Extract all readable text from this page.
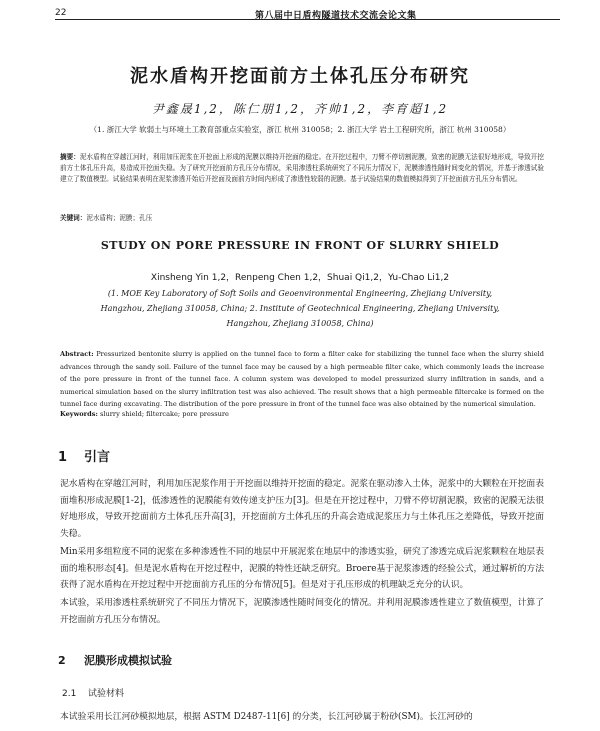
22	第八届中日盾构隧道技术交流会论文集
泥水盾构开挖面前方土体孔压分布研究
尹鑫晟1,2，陈仁朋1,2，齐帅1,2，李育超1,2
（1. 浙江大学 软弱土与环境土工教育部重点实验室，浙江 杭州 310058；2. 浙江大学 岩土工程研究所，浙江 杭州 310058）
摘要：泥水盾构在穿越江河时，利用加压泥浆在开挖面上形成的泥膜以维持开挖面的稳定。在开挖过程中，刀臂不停切割泥膜，致密的泥膜无法很好地形成，导致开挖前方土体孔压升高，易造成开挖面失稳。为了研究开挖面前方孔压分布情况，采用渗透柱系统研究了不同压力情况下，泥膜渗透性随时间变化的情况，并基于渗透试验建立了数值模型。试验结果表明在泥浆渗透开始后开挖面及面前方时间内形成了渗透性较弱的泥膜。基于试验结果的数值模拟得到了开挖面前方孔压分布情况。
关键词：泥水盾构；泥膜；孔压
STUDY ON PORE PRESSURE IN FRONT OF SLURRY SHIELD
Xinsheng Yin 1,2，Renpeng Chen 1,2，Shuai Qi1,2，Yu-Chao Li1,2
(1. MOE Key Laboratory of Soft Soils and Geoenvironmental Engineering, Zhejiang University, Hangzhou, Zhejiang 310058, China; 2. Institute of Geotechnical Engineering, Zhejiang University, Hangzhou, Zhejiang 310058, China)
Abstract: Pressurized bentonite slurry is applied on the tunnel face to form a filter cake for stabilizing the tunnel face when the slurry shield advances through the sandy soil. Failure of the tunnel face may be caused by a high permeable filter cake, which commonly leads the increase of the pore pressure in front of the tunnel face. A column system was developed to model pressurized slurry infiltration in sands, and a numerical simulation based on the slurry infiltration test was also achieved. The result shows that a high permeable filtercake is formed on the tunnel face during excavating. The distribution of the pore pressure in front of the tunnel face was also obtained by the numerical simulation.
Keywords: slurry shield; filtercake; pore pressure
1 引言
泥水盾构在穿越江河时，利用加压泥浆作用于开挖面以维持开挖面的稳定。泥浆在驱动渗入土体，泥浆中的大颗粒在开挖面表面堆积形成泥膜[1-2]，低渗透性的泥膜能有效传递支护压力[3]。但是在开挖过程中，刀臂不停切割泥膜，致密的泥膜无法很好地形成，导致开挖面前方土体孔压升高[3]，开挖面前方土体孔压的升高会造成泥浆压力与土体孔压之差降低，导致开挖面失稳。
Min采用多组粒度不同的泥浆在多种渗透性不同的地层中开展泥浆在地层中的渗透实验，研究了渗透完成后泥浆颗粒在地层表面的堆积形态[4]。但是泥水盾构在开挖过程中，泥膜的特性还缺乏研究。Broere基于泥浆渗透的经验公式，通过解析的方法获得了泥水盾构在开挖过程中开挖面前方孔压的分布情况[5]。但是对于孔压形成的机理缺乏充分的认识。
本试验，采用渗透柱系统研究了不同压力情况下，泥膜渗透性随时间变化的情况。并利用泥膜渗透性建立了数值模型，计算了开挖面前方孔压分布情况。
2 泥膜形成模拟试验
2.1 试验材料
本试验采用长江河砂模拟地层，根据 ASTM D2487-11[6] 的分类，长江河砂属于粉砂(SM)。长江河砂的
